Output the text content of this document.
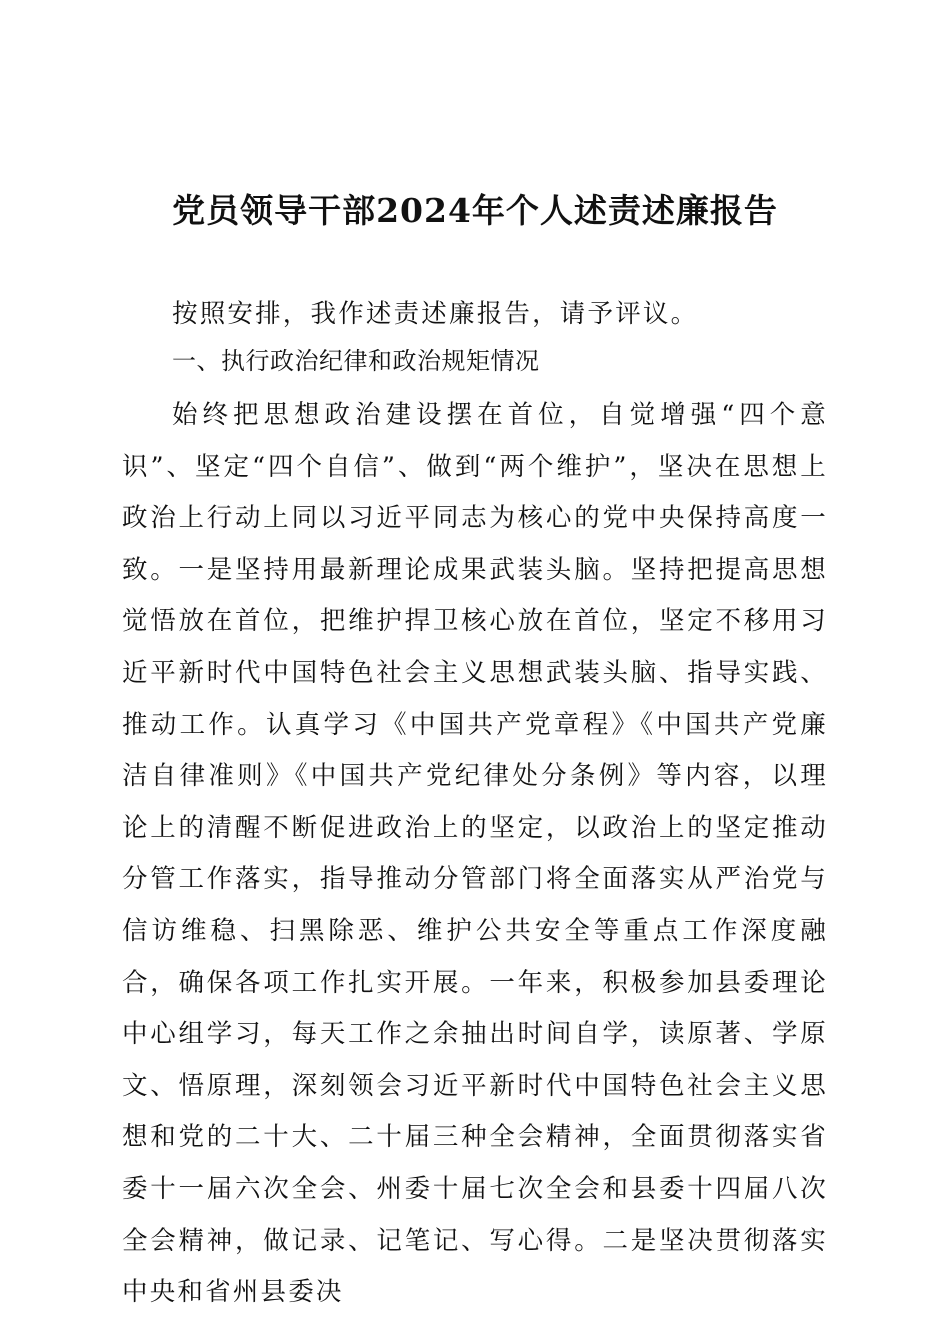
党员领导干部2024年个人述责述廉报告

按照安排，我作述责述廉报告，请予评议。

一、执行政治纪律和政治规矩情况

始终把思想政治建设摆在首位，自觉增强“四个意识”、坚定“四个自信”、做到“两个维护”，坚决在思想上政治上行动上同以习近平同志为核心的党中央保持高度一致。一是坚持用最新理论成果武装头脑。坚持把提高思想觉悟放在首位，把维护捍卫核心放在首位，坚定不移用习近平新时代中国特色社会主义思想武装头脑、指导实践、推动工作。认真学习《中国共产党章程》《中国共产党廉洁自律准则》《中国共产党纪律处分条例》等内容，以理论上的清醒不断促进政治上的坚定，以政治上的坚定推动分管工作落实，指导推动分管部门将全面落实从严治党与信访维稳、扫黑除恶、维护公共安全等重点工作深度融合，确保各项工作扎实开展。一年来，积极参加县委理论中心组学习，每天工作之余抽出时间自学，读原著、学原文、悟原理，深刻领会习近平新时代中国特色社会主义思想和党的二十大、二十届三种全会精神，全面贯彻落实省委十一届六次全会、州委十届七次全会和县委十四届八次全会精神，做记录、记笔记、写心得。二是坚决贯彻落实中央和省州县委决
